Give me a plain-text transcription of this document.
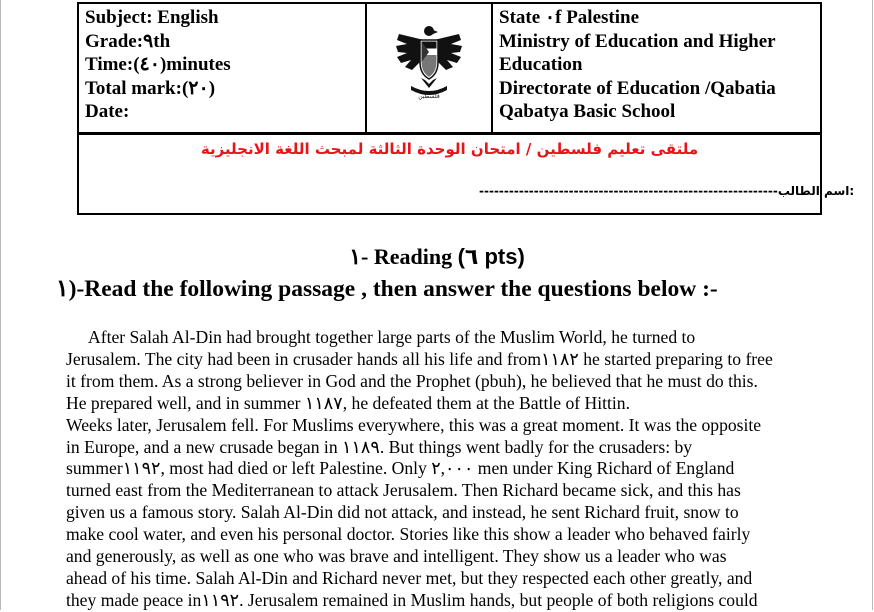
Subject: English
Grade:٩th
Time:(٤٠)minutes
Total mark:(٢٠)
Date:
فلسطين
State ٠f Palestine
Ministry of Education and Higher
Education
Directorate of Education /Qabatia
Qabatya Basic School
ملتقى تعليم فلسطين / امتحان الوحدة الثالثة لمبحث اللغة الانجليزية
------------------------------------------------------------اسم الطالب:
١- Reading (٦ pts)
١)-Read the following passage , then answer the questions below :-
After Salah Al-Din had brought together large parts of the Muslim World, he turned to
Jerusalem. The city had been in crusader hands all his life and from١١٨٢ he started preparing to free
it from them. As a strong believer in God and the Prophet (pbuh), he believed that he must do this.
He prepared well, and in summer ١١٨٧, he defeated them at the Battle of Hittin.
Weeks later, Jerusalem fell. For Muslims everywhere, this was a great moment. It was the opposite
in Europe, and a new crusade began in ١١٨٩. But things went badly for the crusaders: by
summer١١٩٢, most had died or left Palestine. Only ٢,٠٠٠ men under King Richard of England
turned east from the Mediterranean to attack Jerusalem. Then Richard became sick, and this has
given us a famous story. Salah Al-Din did not attack, and instead, he sent Richard fruit, snow to
make cool water, and even his personal doctor. Stories like this show a leader who behaved fairly
and generously, as well as one who was brave and intelligent. They show us a leader who was
ahead of his time. Salah Al-Din and Richard never met, but they respected each other greatly, and
they made peace in١١٩٢. Jerusalem remained in Muslim hands, but people of both religions could
